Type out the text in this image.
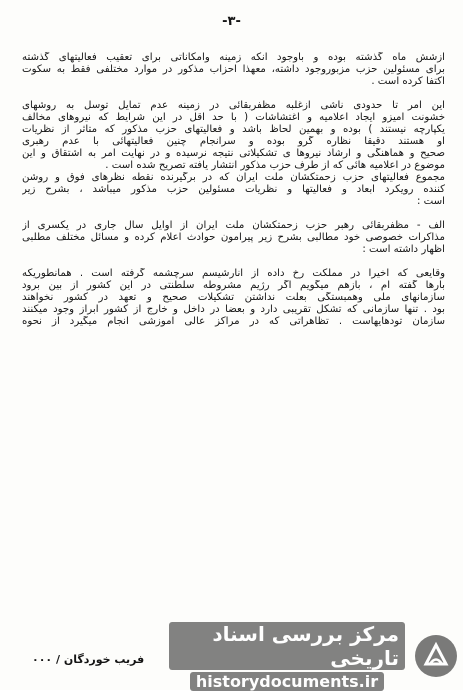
-۳-
ازشش ماه گذشته بوده و باوجود آنکه زمینه وامکاناتی برای تعقیب فعالیتهای گذشته
برای مسئولین حزب مزبوروجود داشته، معهذا احزاب مذکور در موارد مختلفی فقط به سکوت
اکتفا کرده است .
این امر تا حدودی ناشی ازغلبه مظفربقائی در زمینه عدم تمایل توسل به روشهای
خشونت آمیزو ایجاد اعلامیه و اغتشاشات ( با حد اقل در این شرایط که نیروهای مخالف
یکپارچه نیستند ) بوده و بهمین لحاظ باشد و فعالیتهای حزب مذکور که متاثر از نظریات
او هستند دقیقا نظاره گرو بوده و سرانجام چنین فعالیتهائی با عدم رهبری
صحیح و هماهنگی و ارشاد نیروها ی تشکیلاتی نتیجه نرسیده و در نهایت امر به اشتقاق و این
موضوع در اعلامیه هائی که از طرف حزب مذکور انتشار یافته تصریح شده است .
مجموع فعالیتهای حزب زحمتکشان ملت ایران که در برگیرنده نقطه نظرهای فوق و روشن
کننده رویکرد ابعاد و فعالیتها و نظریات مسئولین حزب مذکور میباشد ، بشرح زیر
است :
الف - مظفربقائی رهبر حزب زحمتکشان ملت ایران از اوایل سال جاری در یکسری از
مذاکرات خصوصی خود مطالبی بشرح زیر پیرامون حوادث اعلام کرده و مسائل مختلف مطلبی
اظهار داشته است :
وقایعی که اخیرا در مملکت رخ داده از آنارشیسم سرچشمه گرفته است . همانطوریکه
بارها گفته ام ، بازهم میگویم اگر رژیم مشروطه سلطنتی در این کشور از بین برود
سازمانهای ملی وهمبستگی بعلت نداشتن تشکیلات صحیح و تعهد در کشور نخواهند
بود . تنها سازمانی که تشکل تقریبی دارد و بعضا در داخل و خارج از کشور ابراز وجود میکنند
سازمان تودهایهاست . تظاهراتی که در مراکز عالی آموزشی انجام میگیرد از نحوه
فریب خوردگان / ۰۰۰
مرکز بررسی اسناد تاریخی
historydocuments.ir
